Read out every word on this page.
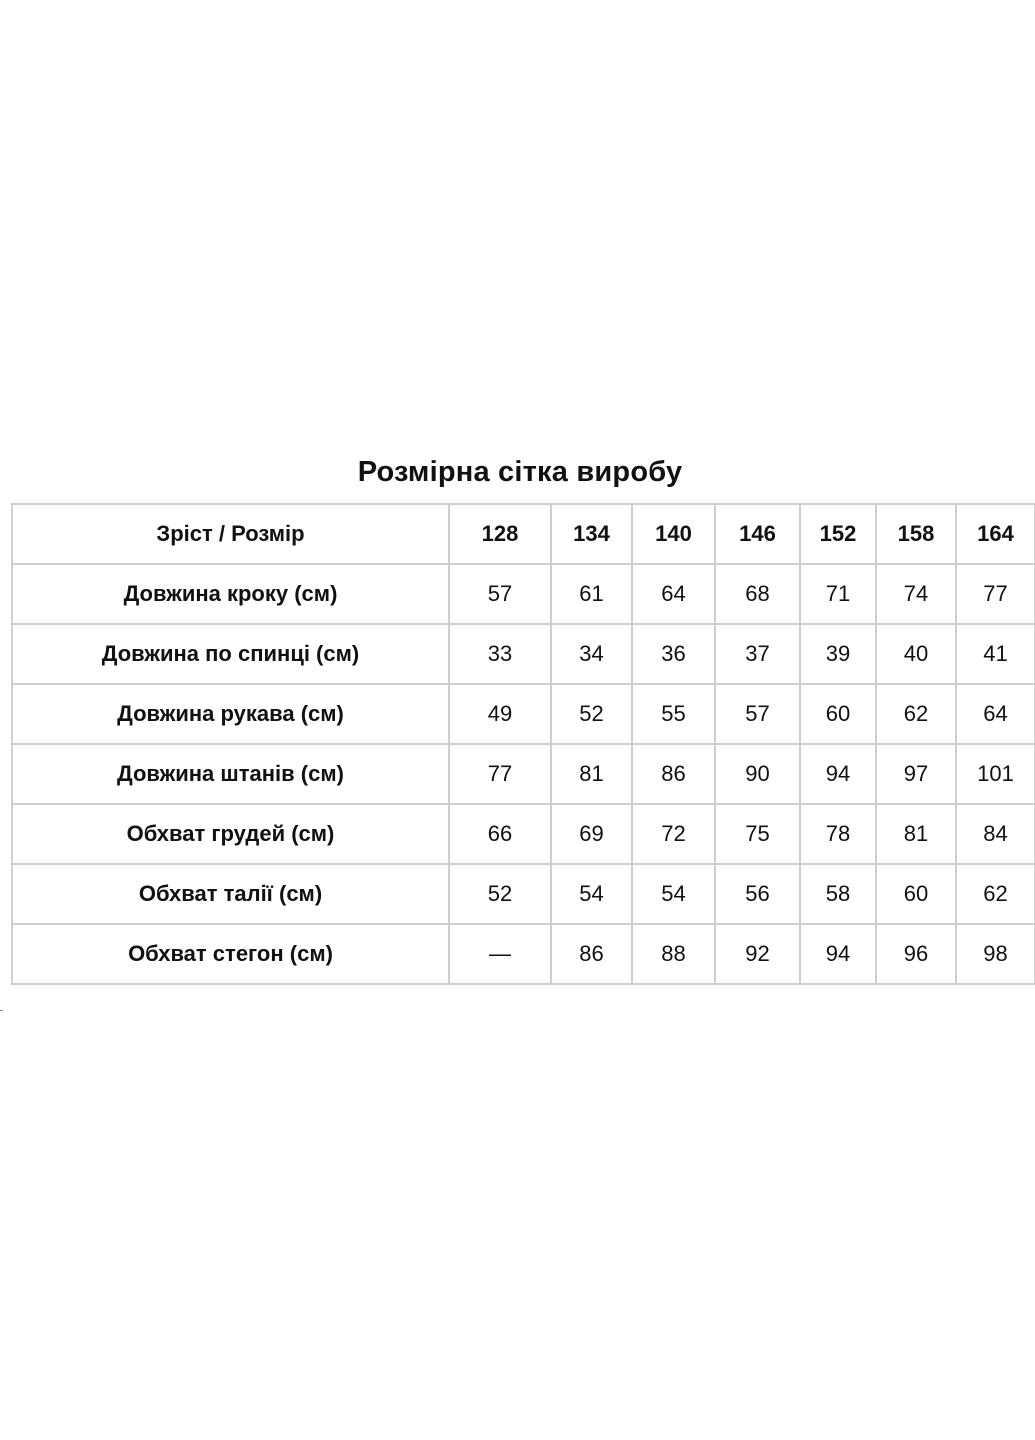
Розмірна сітка виробу
Зріст / Розмір	128	134	140	146	152	158	164
Довжина кроку (см)	57	61	64	68	71	74	77
Довжина по спинці (см)	33	34	36	37	39	40	41
Довжина рукава (см)	49	52	55	57	60	62	64
Довжина штанів (см)	77	81	86	90	94	97	101
Обхват грудей (см)	66	69	72	75	78	81	84
Обхват талії (см)	52	54	54	56	58	60	62
Обхват стегон (см)	—	86	88	92	94	96	98
